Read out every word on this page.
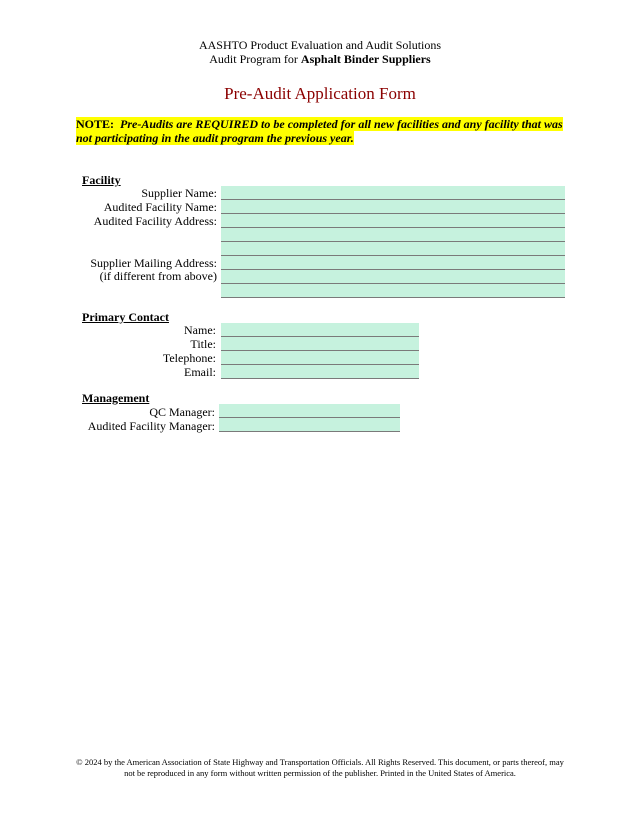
AASHTO Product Evaluation and Audit Solutions
Audit Program for Asphalt Binder Suppliers
Pre-Audit Application Form
NOTE: Pre-Audits are REQUIRED to be completed for all new facilities and any facility that was not participating in the audit program the previous year.
Facility
Supplier Name:
Audited Facility Name:
Audited Facility Address:
Supplier Mailing Address:
(if different from above)
Primary Contact
Name:
Title:
Telephone:
Email:
Management
QC Manager:
Audited Facility Manager:
© 2024 by the American Association of State Highway and Transportation Officials. All Rights Reserved. This document, or parts thereof, may not be reproduced in any form without written permission of the publisher. Printed in the United States of America.
